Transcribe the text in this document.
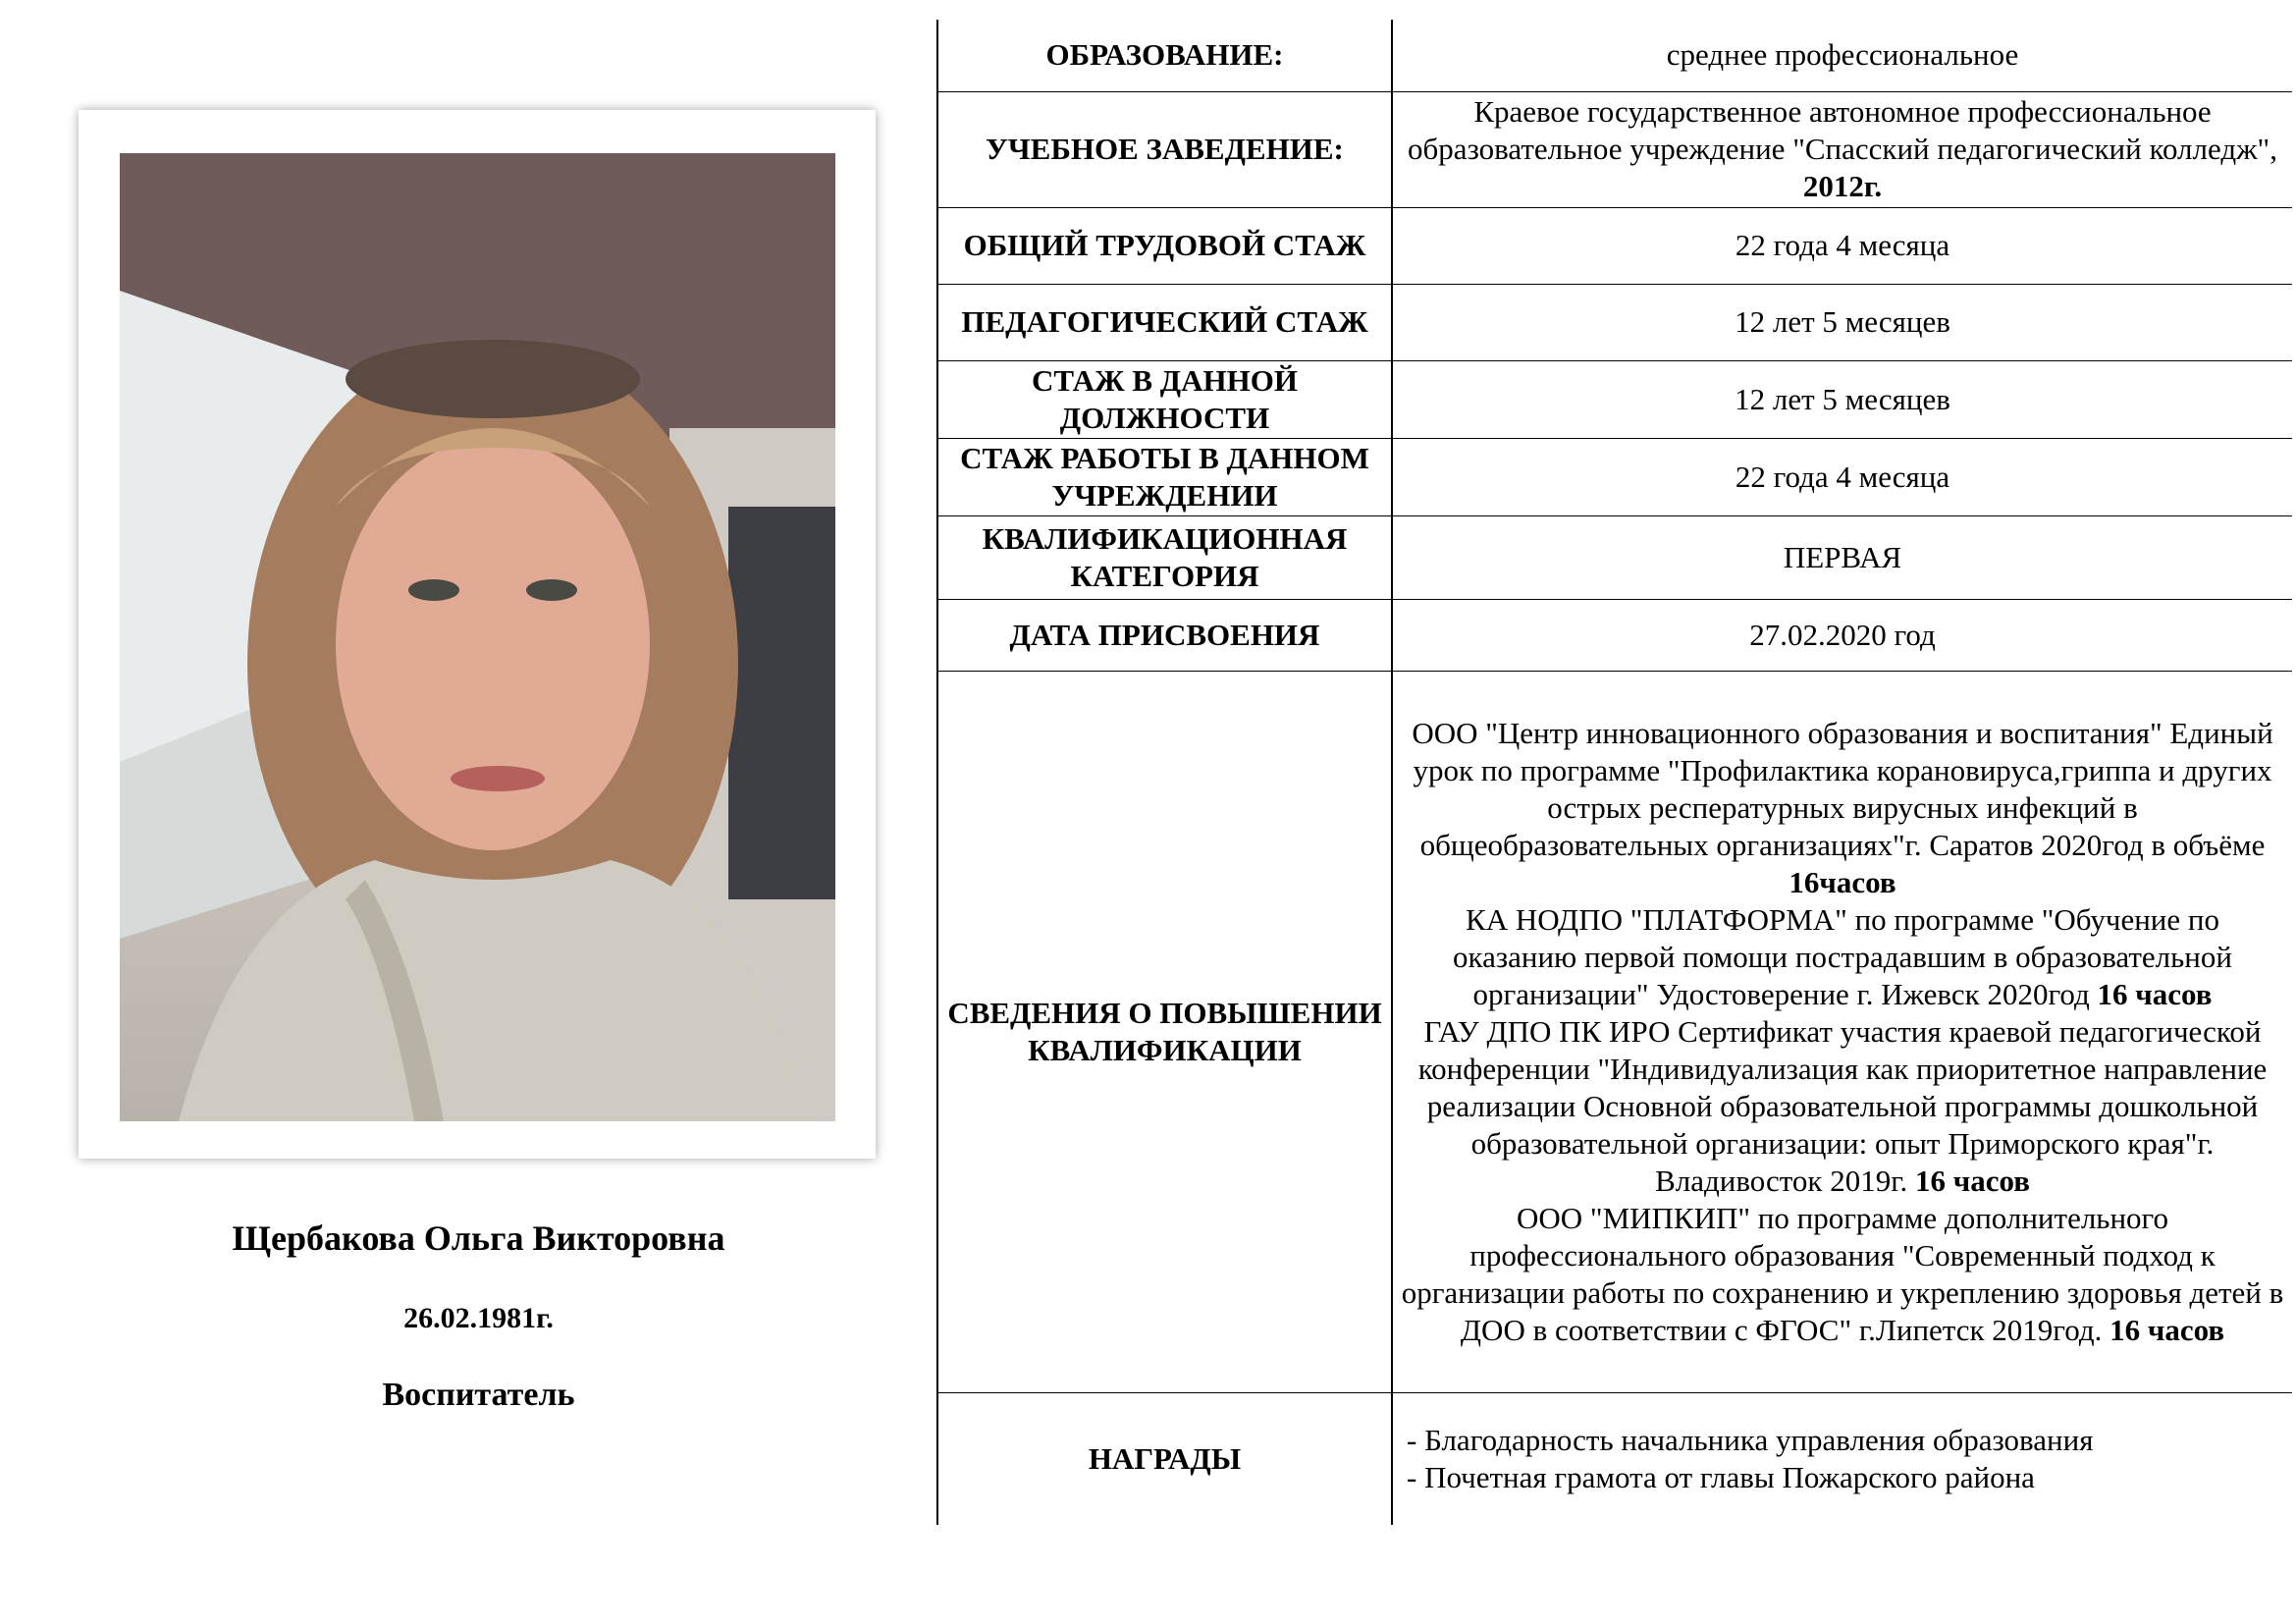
Щербакова Ольга Викторовна
26.02.1981г.
Воспитатель
ОБРАЗОВАНИЕ:	среднее профессиональное
УЧЕБНОЕ ЗАВЕДЕНИЕ:	Краевое государственное автономное профессиональное образовательное учреждение "Спасский педагогический колледж", 2012г.
ОБЩИЙ ТРУДОВОЙ СТАЖ	22 года 4 месяца
ПЕДАГОГИЧЕСКИЙ СТАЖ	12 лет 5 месяцев
СТАЖ В ДАННОЙ ДОЛЖНОСТИ	12 лет 5 месяцев
СТАЖ РАБОТЫ В ДАННОМ УЧРЕЖДЕНИИ	22 года 4 месяца
КВАЛИФИКАЦИОННАЯ КАТЕГОРИЯ	ПЕРВАЯ
ДАТА ПРИСВОЕНИЯ	27.02.2020 год
СВЕДЕНИЯ О ПОВЫШЕНИИ КВАЛИФИКАЦИИ	ООО "Центр инновационного образования и воспитания" Единый урок по программе "Профилактика корановируса,гриппа и других острых респературных вирусных инфекций в общеобразовательных организациях"г. Саратов 2020год в объёме 16часов
КА НОДПО "ПЛАТФОРМА" по программе "Обучение по оказанию первой помощи пострадавшим в образовательной организации" Удостоверение г. Ижевск 2020год 16 часов
ГАУ ДПО ПК ИРО Сертификат участия краевой педагогической конференции "Индивидуализация как приоритетное направление реализации Основной образовательной программы дошкольной образовательной организации: опыт Приморского края"г. Владивосток 2019г. 16 часов
ООО "МИПКИП" по программе дополнительного профессионального образования "Современный подход к организации работы по сохранению и укреплению здоровья детей в ДОО в соответствии с ФГОС" г.Липетск 2019год. 16 часов

НАГРАДЫ	- Благодарность начальника управления образования
- Почетная грамота от главы Пожарского района
